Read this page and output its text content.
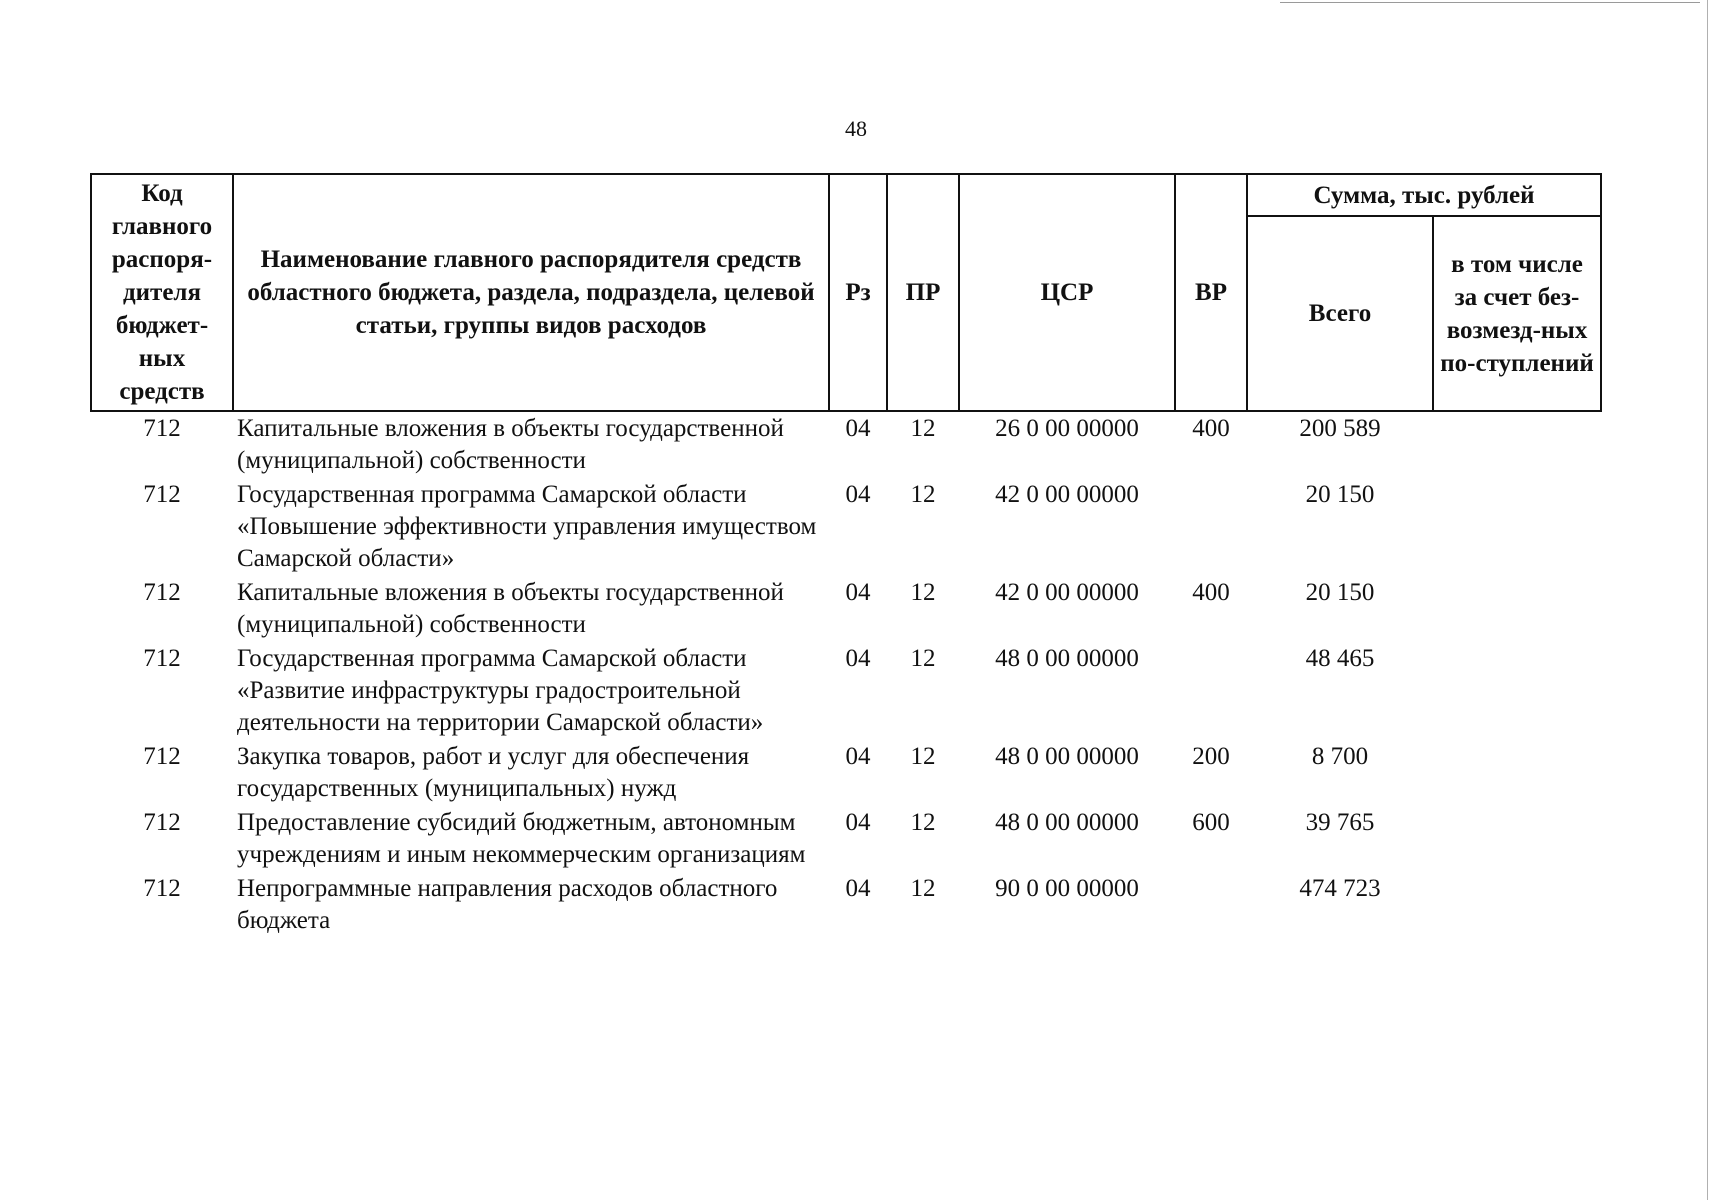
48
Код главного распоря-дителя бюджет-ных средств	Наименование главного распорядителя средств областного бюджета, раздела, подраздела, целевой статьи, группы видов расходов	Рз	ПР	ЦСР	ВР	Сумма, тыс. рублей	
						Всего	в том числе за счет без-возмезд-ных по-ступлений
712	Капитальные вложения в объекты государственной (муниципальной) собственности	04	12	26 0 00 00000	400	200 589	
712	Государственная программа Самарской области «Повышение эффективности управления имуществом Самарской области»	04	12	42 0 00 00000		20 150	
712	Капитальные вложения в объекты государственной (муниципальной) собственности	04	12	42 0 00 00000	400	20 150	
712	Государственная программа Самарской области «Развитие инфраструктуры градостроительной деятельности на территории Самарской области»	04	12	48 0 00 00000		48 465	
712	Закупка товаров, работ и услуг для обеспечения государственных (муниципальных) нужд	04	12	48 0 00 00000	200	8 700	
712	Предоставление субсидий бюджетным, автономным учреждениям и иным некоммерческим организациям	04	12	48 0 00 00000	600	39 765	
712	Непрограммные направления расходов областного бюджета	04	12	90 0 00 00000		474 723	
